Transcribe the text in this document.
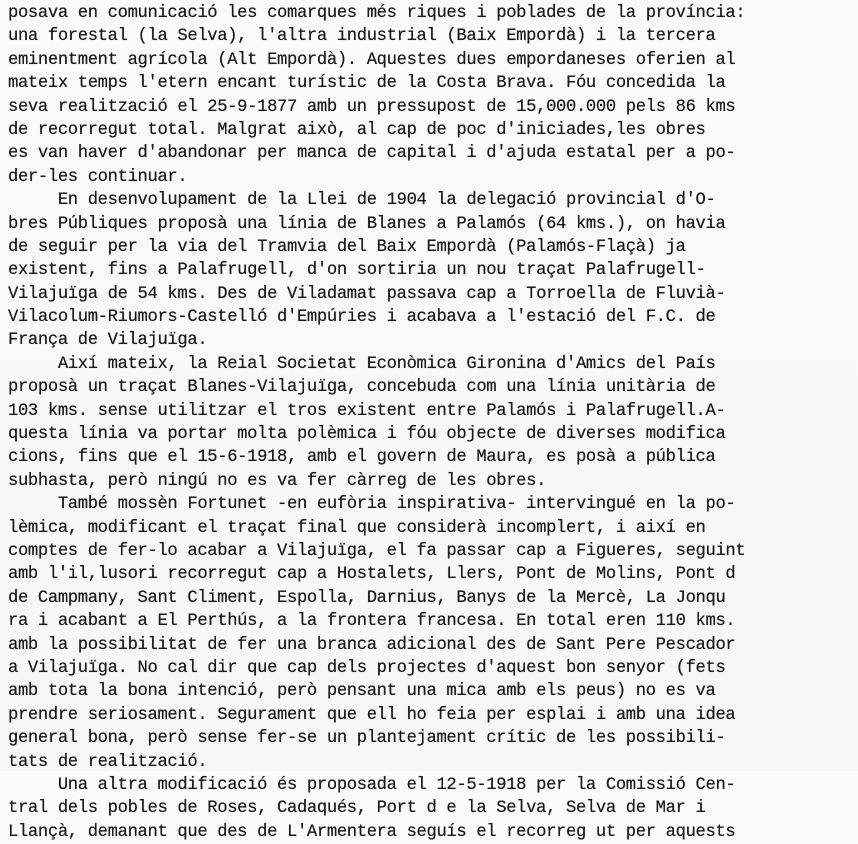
posava en comunicació les comarques més riques i poblades de la província:
una forestal (la Selva), l'altra industrial (Baix Empordà) i la tercera
eminentment agrícola (Alt Empordà). Aquestes dues empordaneses oferien al
mateix temps l'etern encant turístic de la Costa Brava. Fóu concedida la
seva realització el 25-9-1877 amb un pressupost de 15,000.000 pels 86 kms
de recorregut total. Malgrat això, al cap de poc d'iniciades,les obres
es van haver d'abandonar per manca de capital i d'ajuda estatal per a po-
der-les continuar.
En desenvolupament de la Llei de 1904 la delegació provincial d'O-
bres Públiques proposà una línia de Blanes a Palamós (64 kms.), on havia
de seguir per la via del Tramvia del Baix Empordà (Palamós-Flaçà) ja
existent, fins a Palafrugell, d'on sortiria un nou traçat Palafrugell-
Vilajuïga de 54 kms. Des de Viladamat passava cap a Torroella de Fluvià-
Vilacolum-Riumors-Castelló d'Empúries i acabava a l'estació del F.C. de
França de Vilajuïga.
Així mateix, la Reial Societat Econòmica Gironina d'Amics del País
proposà un traçat Blanes-Vilajuïga, concebuda com una línia unitària de
103 kms. sense utilitzar el tros existent entre Palamós i Palafrugell.A-
questa línia va portar molta polèmica i fóu objecte de diverses modifica
cions, fins que el 15-6-1918, amb el govern de Maura, es posà a pública
subhasta, però ningú no es va fer càrreg de les obres.
També mossèn Fortunet -en eufòria inspirativa- intervingué en la po-
lèmica, modificant el traçat final que considerà incomplert, i així en
comptes de fer-lo acabar a Vilajuïga, el fa passar cap a Figueres, seguint
amb l'il,lusori recorregut cap a Hostalets, Llers, Pont de Molins, Pont d
de Campmany, Sant Climent, Espolla, Darnius, Banys de la Mercè, La Jonqu
ra i acabant a El Perthús, a la frontera francesa. En total eren 110 kms.
amb la possibilitat de fer una branca adicional des de Sant Pere Pescador
a Vilajuïga. No cal dir que cap dels projectes d'aquest bon senyor (fets
amb tota la bona intenció, però pensant una mica amb els peus) no es va
prendre seriosament. Segurament que ell ho feia per esplai i amb una idea
general bona, però sense fer-se un plantejament crític de les possibili-
tats de realització.
Una altra modificació és proposada el 12-5-1918 per la Comissió Cen-
tral dels pobles de Roses, Cadaqués, Port d e la Selva, Selva de Mar i
Llançà, demanant que des de L'Armentera seguís el recorreg ut per aquests
